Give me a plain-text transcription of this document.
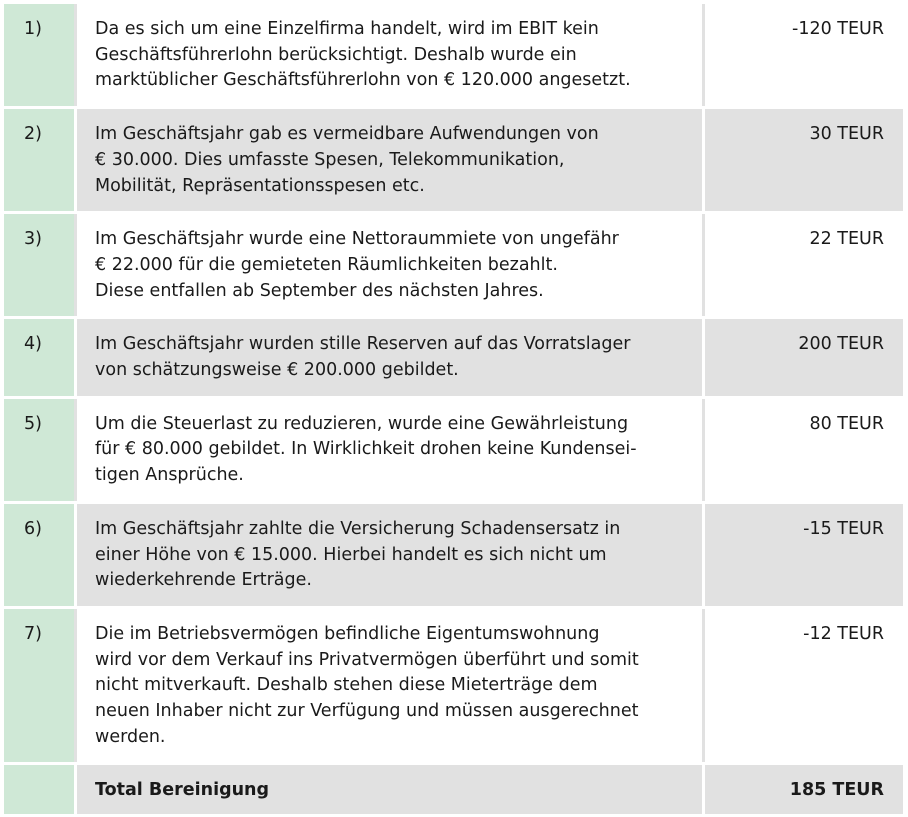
1)	Da es sich um eine Einzelfirma handelt, wird im EBIT kein
Geschäftsführerlohn berücksichtigt. Deshalb wurde ein
marktüblicher Geschäftsführerlohn von € 120.000 angesetzt.
-120 TEUR
2)	Im Geschäftsjahr gab es vermeidbare Aufwendungen von
€ 30.000. Dies umfasste Spesen, Telekommunikation,
Mobilität, Repräsentationsspesen etc.
30 TEUR
3)	Im Geschäftsjahr wurde eine Nettoraummiete von ungefähr
€ 22.000 für die gemieteten Räumlichkeiten bezahlt.
Diese entfallen ab September des nächsten Jahres.
22 TEUR
4)	Im Geschäftsjahr wurden stille Reserven auf das Vorratslager
von schätzungsweise € 200.000 gebildet.
200 TEUR
5)	Um die Steuerlast zu reduzieren, wurde eine Gewährleistung
für € 80.000 gebildet. In Wirklichkeit drohen keine Kundensei-
tigen Ansprüche.
80 TEUR
6)	Im Geschäftsjahr zahlte die Versicherung Schadensersatz in
einer Höhe von € 15.000. Hierbei handelt es sich nicht um
wiederkehrende Erträge.
-15 TEUR
7)	Die im Betriebsvermögen befindliche Eigentumswohnung
wird vor dem Verkauf ins Privatvermögen überführt und somit
nicht mitverkauft. Deshalb stehen diese Mieterträge dem
neuen Inhaber nicht zur Verfügung und müssen ausgerechnet
werden.
-12 TEUR
Total Bereinigung	185 TEUR
